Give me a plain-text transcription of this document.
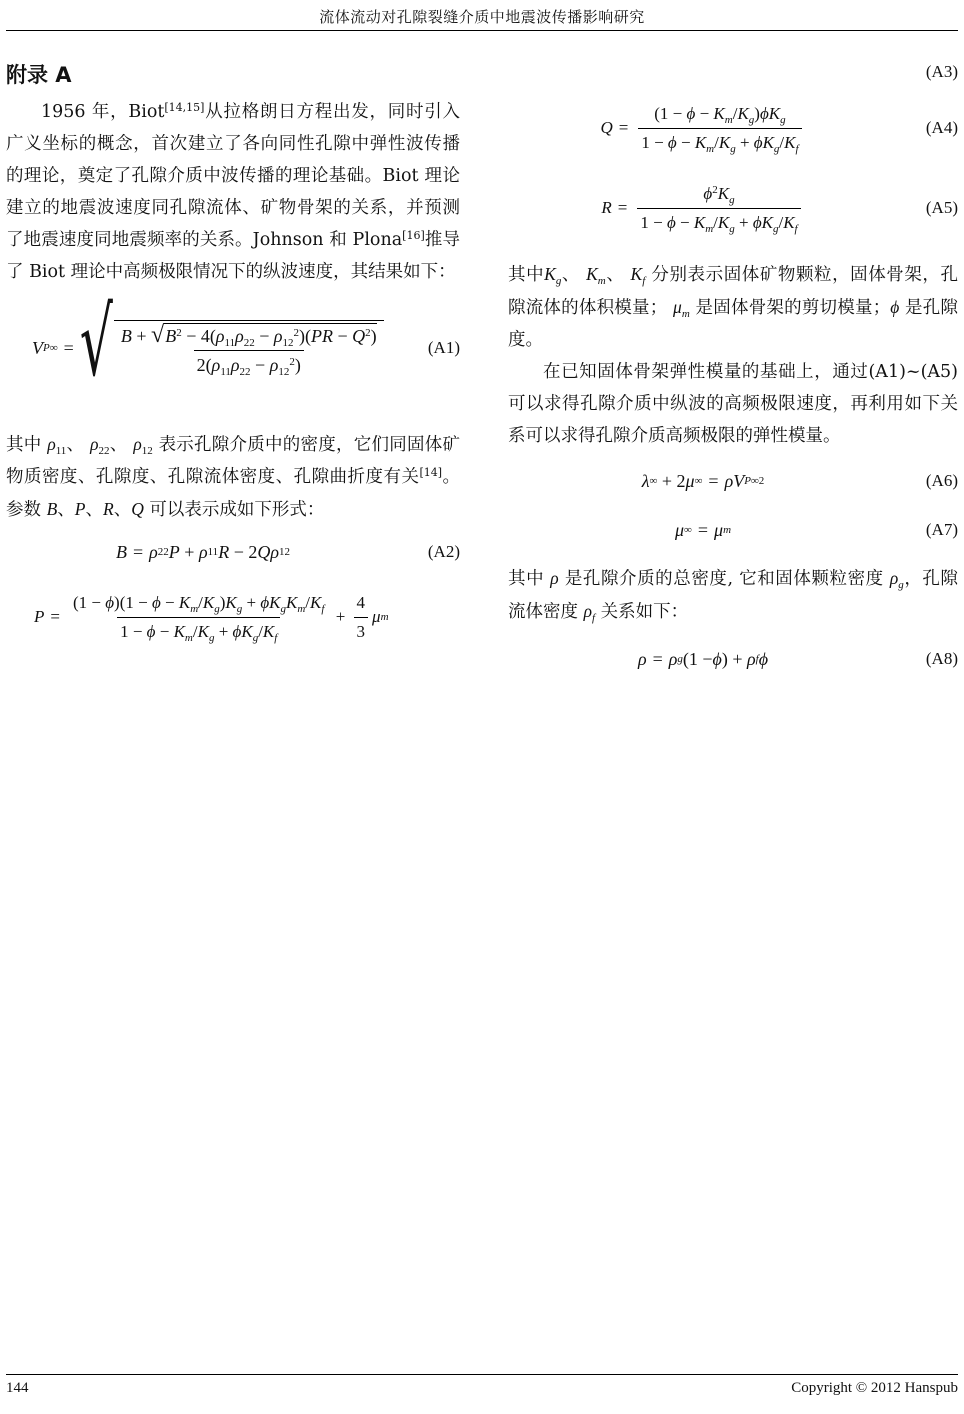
流体流动对孔隙裂缝介质中地震波传播影响研究
附录 A

1956 年，Biot[14,15]从拉格朗日方程出发，同时引入广义坐标的概念，首次建立了各向同性孔隙中弹性波传播的理论，奠定了孔隙介质中波传播的理论基础。Biot 理论建立的地震波速度同孔隙流体、矿物骨架的关系，并预测了地震速度同地震频率的关系。Johnson 和 Plona[16]推导了 Biot 理论中高频极限情况下的纵波速度，其结果如下：

V P∞ = √ $\frac{B + √ B^2 - 4(\rho_{11}\rho_{22} - \rho_{12}^2)(PR - Q^2)}{2(\rho_{11}\rho_{22} - \rho_{12}^2)}$	(A1)

其中 $\rho_{11}$、 $\rho_{22}$、 $\rho_{12}$ 表示孔隙介质中的密度，它们同固体矿物质密度、孔隙度、孔隙流体密度、孔隙曲折度有关[14]。参数 B、P、R、Q 可以表示成如下形式：

B = ρ 22 P + ρ 11 R − 2 Q ρ 12	(A2)
$P = \frac{(1 - \phi)(1 - \phi - K_m/K_g)K_g + \phi K_gK_m/K_f}{1 - \phi - K_m/K_g + \phi K_g/K_f} + \frac{4}{3}$ μ m
(A3)
$Q = \frac{(1 - \phi - K_m/K_g)\phi K_g}{1 - \phi - K_m/K_g + \phi K_g/K_f}$	(A4)
$R = \frac{\phi^2K_g}{1 - \phi - K_m/K_g + \phi K_g/K_f}$	(A5)

其中$K_g$、 $K_m$、 $K_f$ 分别表示固体矿物颗粒，固体骨架，孔隙流体的体积模量； $\mu_m$ 是固体骨架的剪切模量；ϕ 是孔隙度。

在已知固体骨架弹性模量的基础上，通过(A1)~(A5)可以求得孔隙介质中纵波的高频极限速度，再利用如下关系可以求得孔隙介质高频极限的弹性模量。

λ ∞ + 2 μ ∞ = ρV P∞ 2	(A6)
μ ∞ = μ m	(A7)

其中 ρ 是孔隙介质的总密度, 它和固体颗粒密度 $\rho_g$，孔隙流体密度 $\rho_f$ 关系如下：

ρ = ρ g (1 − ϕ ) + ρ f ϕ	(A8)
144	Copyright © 2012 Hanspub
